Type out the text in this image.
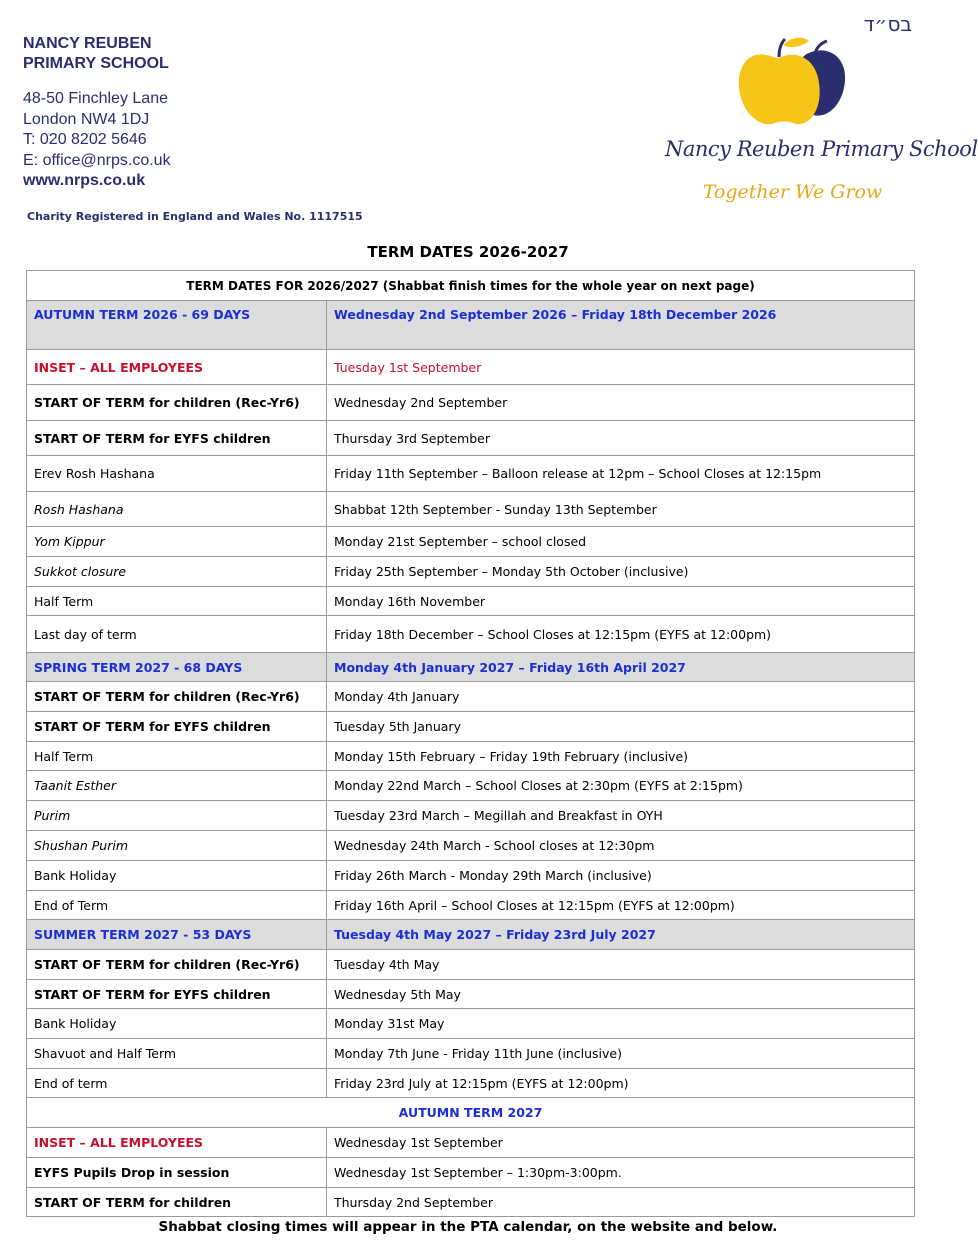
בס״ד
NANCY REUBEN
PRIMARY SCHOOL
48-50 Finchley Lane
London NW4 1DJ
T: 020 8202 5646
E: office@nrps.co.uk
www.nrps.co.uk
Charity Registered in England and Wales No. 1117515
Nancy Reuben Primary School
Together We Grow
TERM DATES 2026-2027
TERM DATES FOR 2026/2027 (Shabbat finish times for the whole year on next page)	
AUTUMN TERM 2026 - 69 DAYS	Wednesday 2nd September 2026 – Friday 18th December 2026
INSET – ALL EMPLOYEES	Tuesday 1st September
START OF TERM for children (Rec-Yr6)	Wednesday 2nd September
START OF TERM for EYFS children	Thursday 3rd September
Erev Rosh Hashana	Friday 11th September – Balloon release at 12pm – School Closes at 12:15pm
Rosh Hashana	Shabbat 12th September - Sunday 13th September
Yom Kippur	Monday 21st September – school closed
Sukkot closure	Friday 25th September – Monday 5th October (inclusive)
Half Term	Monday 16th November
Last day of term	Friday 18th December – School Closes at 12:15pm (EYFS at 12:00pm)
SPRING TERM 2027 - 68 DAYS	Monday 4th January 2027 – Friday 16th April 2027
START OF TERM for children (Rec-Yr6)	Monday 4th January
START OF TERM for EYFS children	Tuesday 5th January
Half Term	Monday 15th February – Friday 19th February (inclusive)
Taanit Esther	Monday 22nd March – School Closes at 2:30pm (EYFS at 2:15pm)
Purim	Tuesday 23rd March – Megillah and Breakfast in OYH
Shushan Purim	Wednesday 24th March - School closes at 12:30pm
Bank Holiday	Friday 26th March - Monday 29th March (inclusive)
End of Term	Friday 16th April – School Closes at 12:15pm (EYFS at 12:00pm)
SUMMER TERM 2027 - 53 DAYS	Tuesday 4th May 2027 – Friday 23rd July 2027
START OF TERM for children (Rec-Yr6)	Tuesday 4th May
START OF TERM for EYFS children	Wednesday 5th May
Bank Holiday	Monday 31st May
Shavuot and Half Term	Monday 7th June - Friday 11th June (inclusive)
End of term	Friday 23rd July at 12:15pm (EYFS at 12:00pm)
AUTUMN TERM 2027	
INSET – ALL EMPLOYEES	Wednesday 1st September
EYFS Pupils Drop in session	Wednesday 1st September – 1:30pm-3:00pm.
START OF TERM for children	Thursday 2nd September
Shabbat closing times will appear in the PTA calendar, on the website and below.
